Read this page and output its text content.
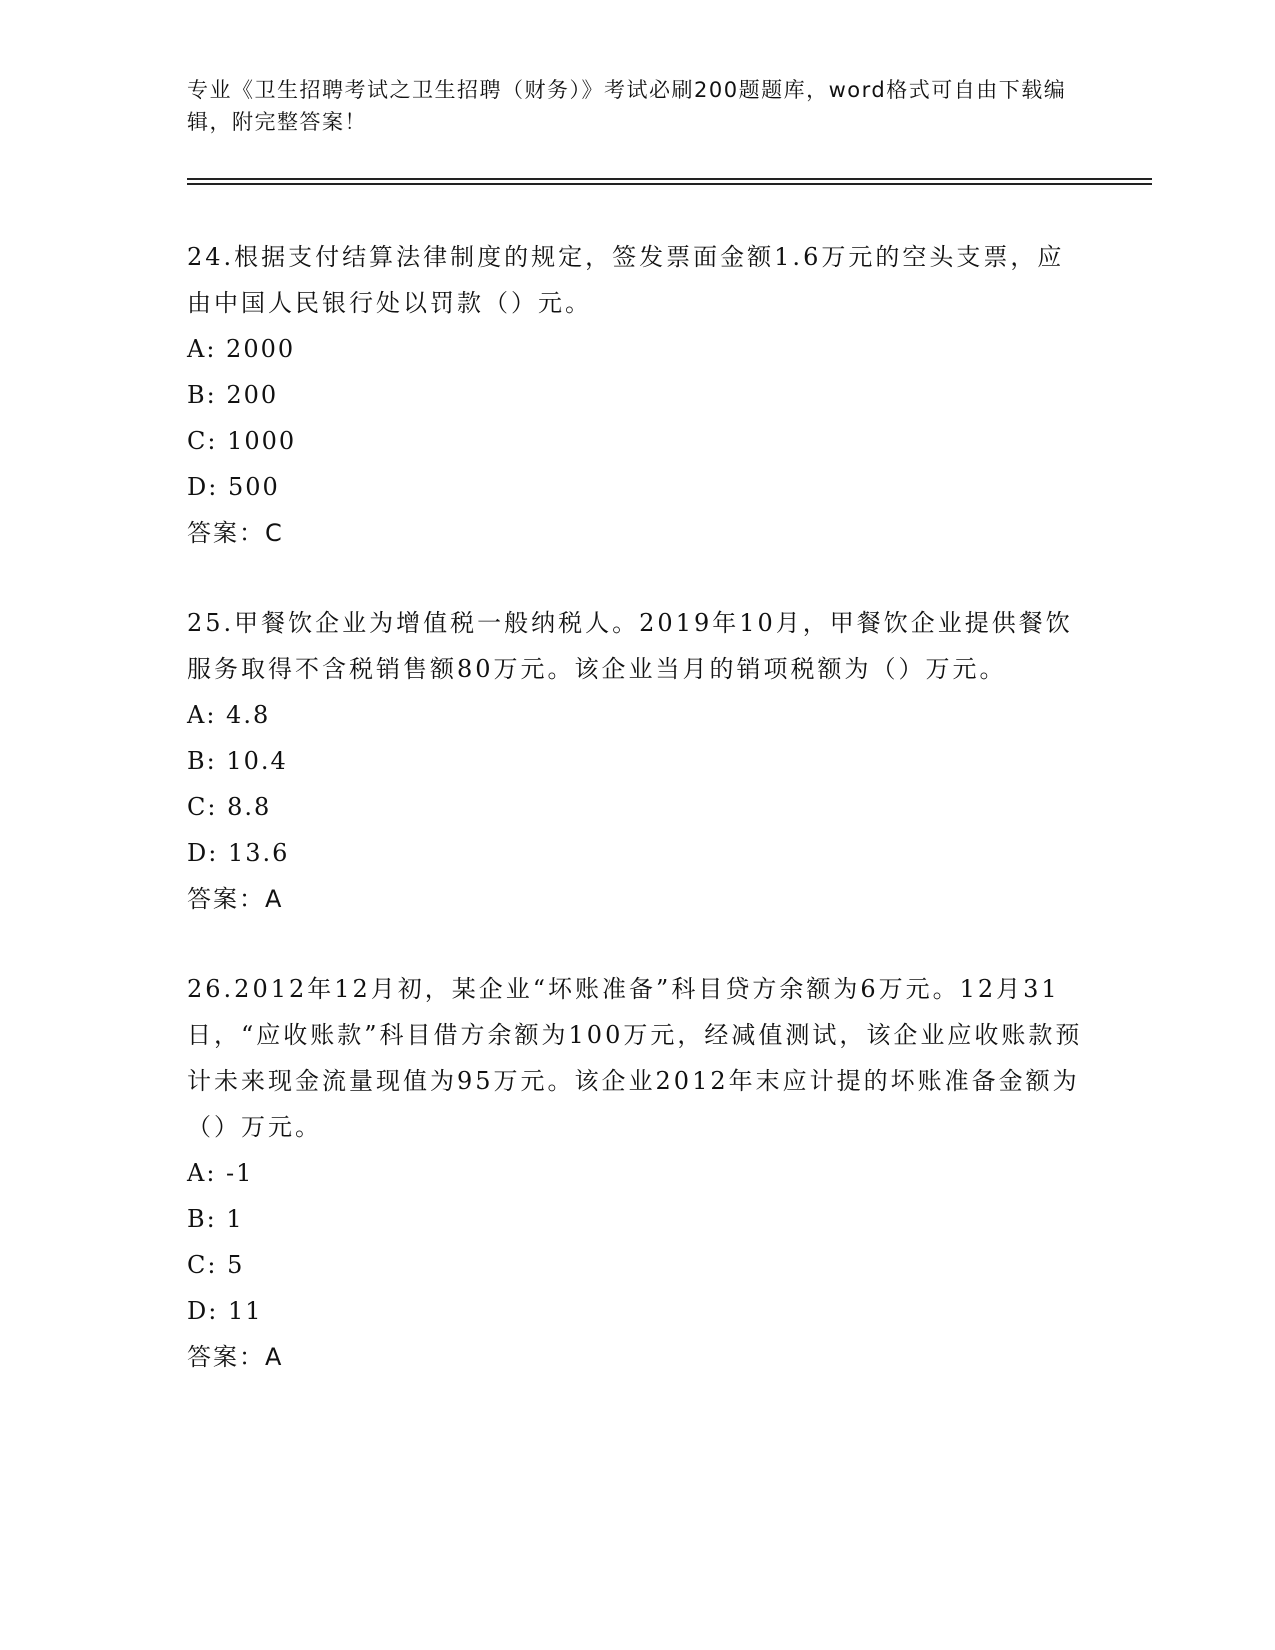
专业《卫生招聘考试之卫生招聘（财务）》考试必刷200题题库，word格式可自由下载编辑，附完整答案！

24.根据支付结算法律制度的规定，签发票面金额1.6万元的空头支票，应由中国人民银行处以罚款（）元。

A: 2000

B: 200

C: 1000

D: 500

答案：C

25.甲餐饮企业为增值税一般纳税人。2019年10月，甲餐饮企业提供餐饮服务取得不含税销售额80万元。该企业当月的销项税额为（）万元。

A: 4.8

B: 10.4

C: 8.8

D: 13.6

答案：A

26.2012年12月初，某企业“坏账准备”科目贷方余额为6万元。12月31日，“应收账款”科目借方余额为100万元，经减值测试，该企业应收账款预计未来现金流量现值为95万元。该企业2012年末应计提的坏账准备金额为（）万元。

A: -1

B: 1

C: 5

D: 11

答案：A
